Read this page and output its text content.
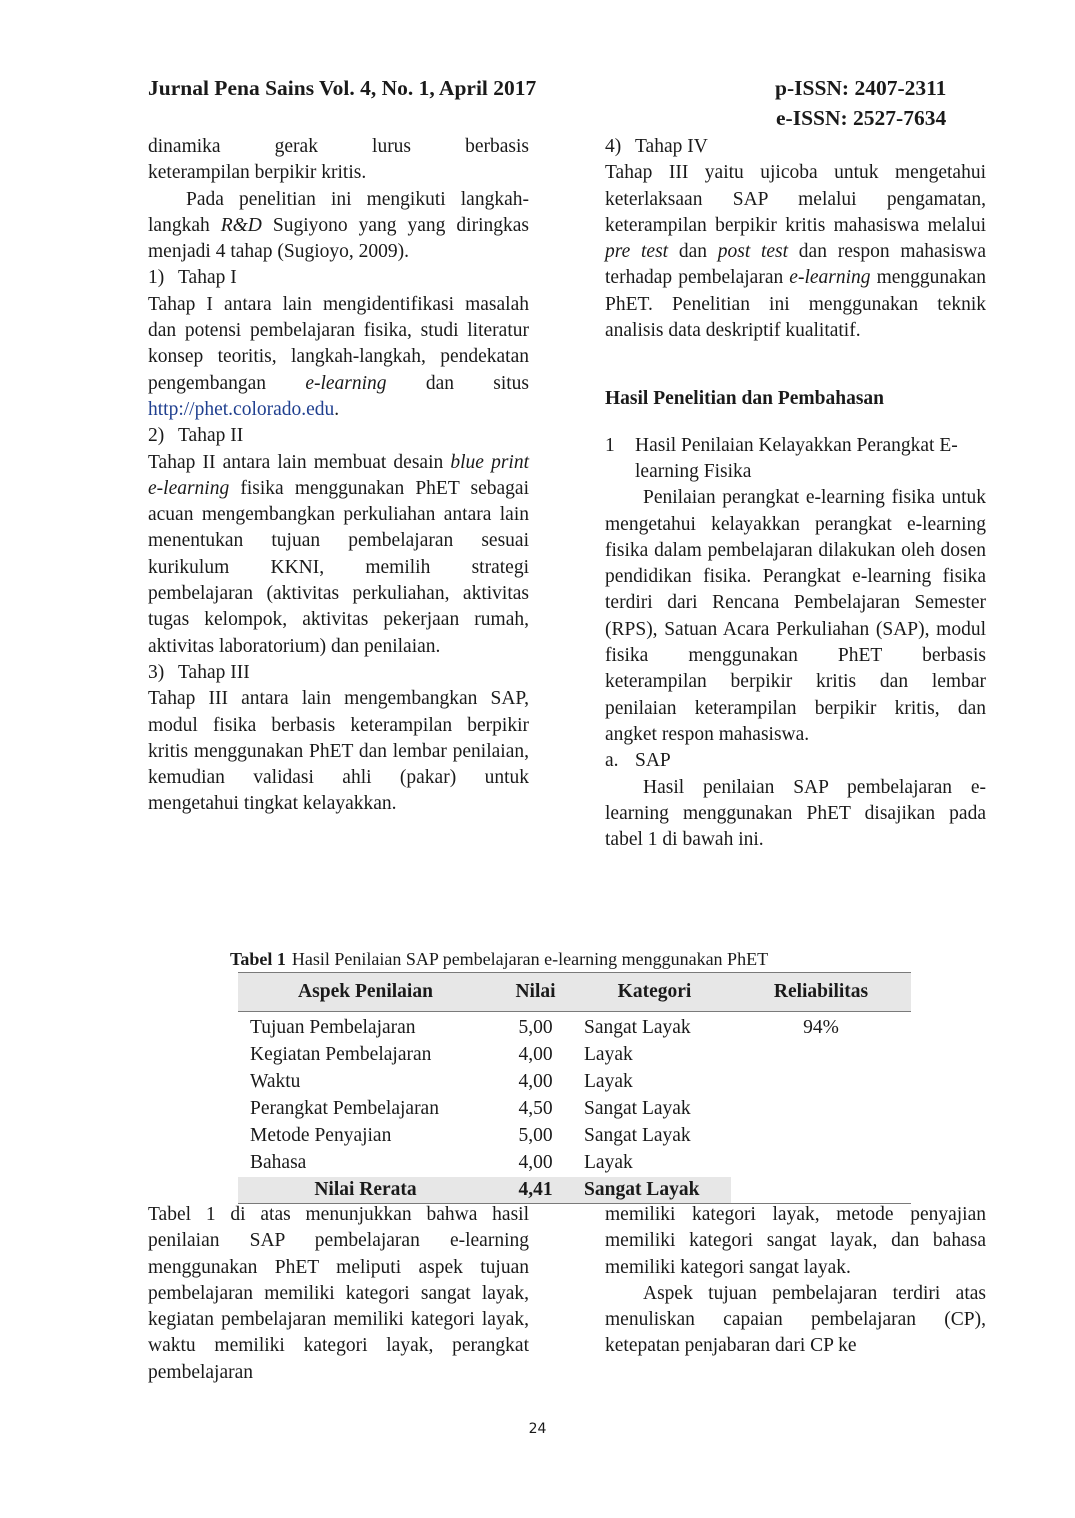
Jurnal Pena Sains Vol. 4, No. 1, April 2017	p-ISSN: 2407-2311
e-ISSN: 2527-7634

dinamika gerak lurus berbasis

keterampilan berpikir kritis.

Pada penelitian ini mengikuti langkah-langkah R&D Sugiyono yang yang diringkas menjadi 4 tahap (Sugioyo, 2009).

1) Tahap I

Tahap I antara lain mengidentifikasi masalah dan potensi pembelajaran fisika, studi literatur konsep teoritis, langkah-langkah, pendekatan pengembangan e-learning dan situs http://phet.colorado.edu.

2) Tahap II

Tahap II antara lain membuat desain blue print e-learning fisika menggunakan PhET sebagai acuan mengembangkan perkuliahan antara lain menentukan tujuan pembelajaran sesuai kurikulum KKNI, memilih strategi pembelajaran (aktivitas perkuliahan, aktivitas tugas kelompok, aktivitas pekerjaan rumah, aktivitas laboratorium) dan penilaian.

3) Tahap III

Tahap III antara lain mengembangkan SAP, modul fisika berbasis keterampilan berpikir kritis menggunakan PhET dan lembar penilaian, kemudian validasi ahli (pakar) untuk mengetahui tingkat kelayakkan.

4) Tahap IV

Tahap III yaitu ujicoba untuk mengetahui keterlaksaan SAP melalui pengamatan, keterampilan berpikir kritis mahasiswa melalui pre test dan post test dan respon mahasiswa terhadap pembelajaran e-learning menggunakan PhET. Penelitian ini menggunakan teknik analisis data deskriptif kualitatif.

Hasil Penelitian dan Pembahasan

1	Hasil Penilaian Kelayakkan Perangkat E-learning Fisika

Penilaian perangkat e-learning fisika untuk mengetahui kelayakkan perangkat e-learning fisika dalam pembelajaran dilakukan oleh dosen pendidikan fisika. Perangkat e-learning fisika terdiri dari Rencana Pembelajaran Semester (RPS), Satuan Acara Perkuliahan (SAP), modul fisika menggunakan PhET berbasis keterampilan berpikir kritis dan lembar penilaian keterampilan berpikir kritis, dan angket respon mahasiswa.

a. SAP

Hasil penilaian SAP pembelajaran e-learning menggunakan PhET disajikan pada tabel 1 di bawah ini.

Tabel 1 Hasil Penilaian SAP pembelajaran e-learning menggunakan PhET
Aspek Penilaian	Nilai	Kategori	Reliabilitas
Tujuan Pembelajaran	5,00	Sangat Layak	94%
Kegiatan Pembelajaran	4,00	Layak	
Waktu	4,00	Layak	
Perangkat Pembelajaran	4,50	Sangat Layak	
Metode Penyajian	5,00	Sangat Layak	
Bahasa	4,00	Layak	
Nilai Rerata	4,41	Sangat Layak	

Tabel 1 di atas menunjukkan bahwa hasil penilaian SAP pembelajaran e-learning menggunakan PhET meliputi aspek tujuan pembelajaran memiliki kategori sangat layak, kegiatan pembelajaran memiliki kategori layak, waktu memiliki kategori layak, perangkat pembelajaran

memiliki kategori layak, metode penyajian memiliki kategori sangat layak, dan bahasa memiliki kategori sangat layak.

Aspek tujuan pembelajaran terdiri atas menuliskan capaian pembelajaran (CP), ketepatan penjabaran dari CP ke

24
